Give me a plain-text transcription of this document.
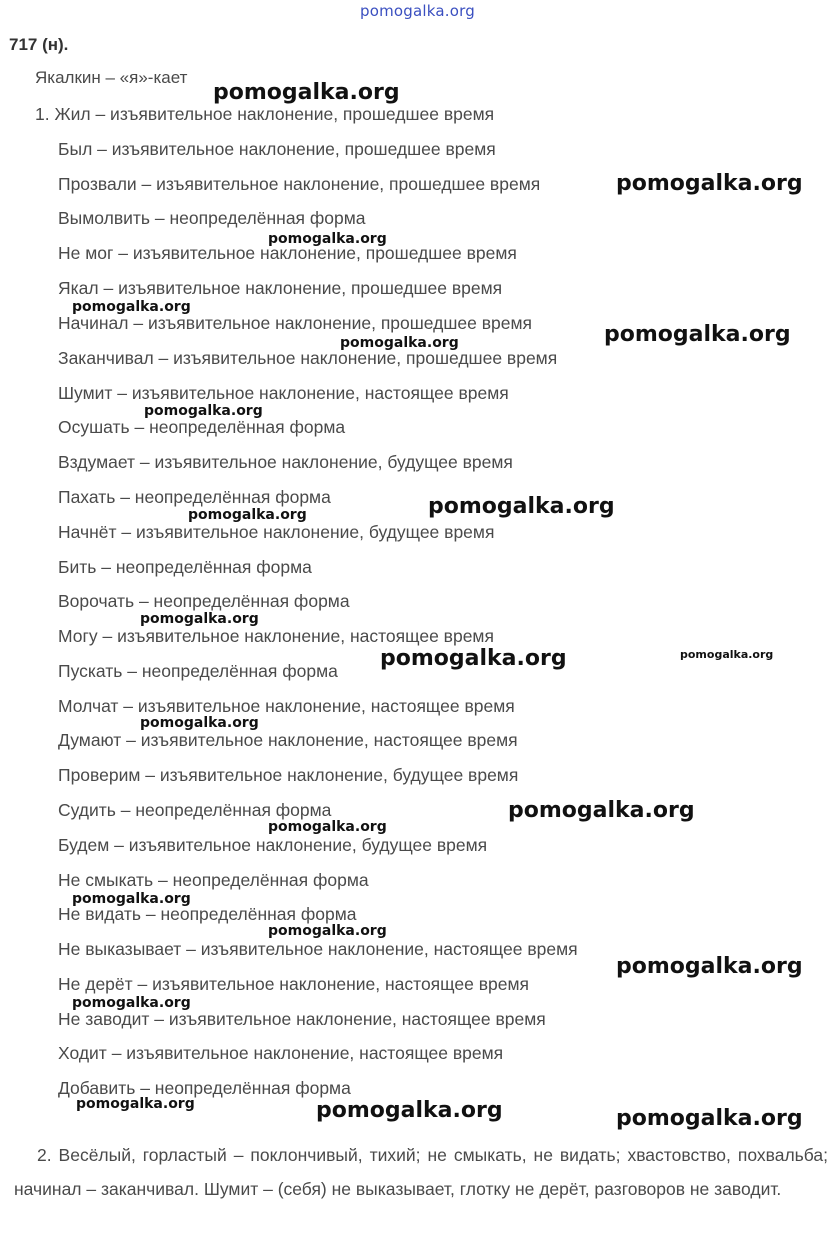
pomogalka.org
717 (н).
Якалкин – «я»-кает
1. Жил – изъявительное наклонение, прошедшее время
Был – изъявительное наклонение, прошедшее время
Прозвали – изъявительное наклонение, прошедшее время
Вымолвить – неопределённая форма
Не мог – изъявительное наклонение, прошедшее время
Якал – изъявительное наклонение, прошедшее время
Начинал – изъявительное наклонение, прошедшее время
Заканчивал – изъявительное наклонение, прошедшее время
Шумит – изъявительное наклонение, настоящее время
Осушать – неопределённая форма
Вздумает – изъявительное наклонение, будущее время
Пахать – неопределённая форма
Начнёт – изъявительное наклонение, будущее время
Бить – неопределённая форма
Ворочать – неопределённая форма
Могу – изъявительное наклонение, настоящее время
Пускать – неопределённая форма
Молчат – изъявительное наклонение, настоящее время
Думают – изъявительное наклонение, настоящее время
Проверим – изъявительное наклонение, будущее время
Судить – неопределённая форма
Будем – изъявительное наклонение, будущее время
Не смыкать – неопределённая форма
Не видать – неопределённая форма
Не выказывает – изъявительное наклонение, настоящее время
Не дерёт – изъявительное наклонение, настоящее время
Не заводит – изъявительное наклонение, настоящее время
Ходит – изъявительное наклонение, настоящее время
Добавить – неопределённая форма
2. Весёлый, горластый – поклончивый, тихий; не смыкать, не видать; хвастовство, похвальба; начинал – заканчивал. Шумит – (себя) не выказывает, глотку не дерёт, разговоров не заводит.
pomogalka.org
pomogalka.org
pomogalka.org
pomogalka.org
pomogalka.org
pomogalka.org
pomogalka.org
pomogalka.org
pomogalka.org
pomogalka.org
pomogalka.org	pomogalka.org
pomogalka.org
pomogalka.org
pomogalka.org
pomogalka.org
pomogalka.org
pomogalka.org
pomogalka.org
pomogalka.org	pomogalka.org	pomogalka.org
